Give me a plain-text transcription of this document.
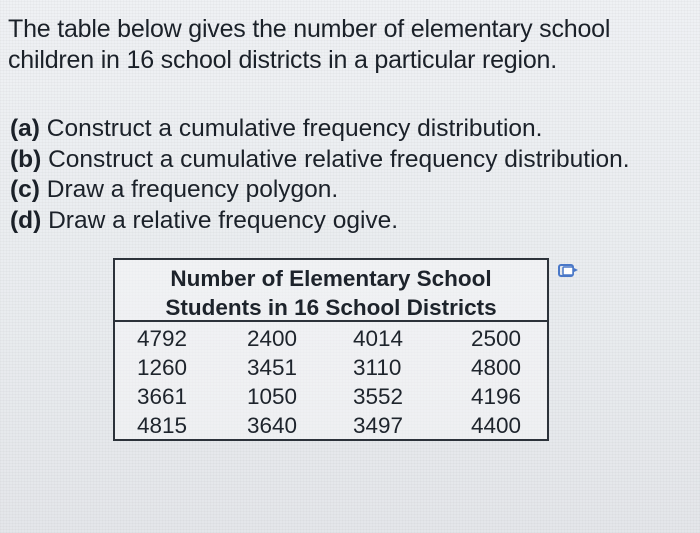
The table below gives the number of elementary school
children in 16 school districts in a particular region.
(a) Construct a cumulative frequency distribution.
(b) Construct a cumulative relative frequency distribution.
(c) Draw a frequency polygon.
(d) Draw a relative frequency ogive.
Number of Elementary School
Students in 16 School Districts
4792	2400	4014	2500
1260	3451	3110	4800
3661	1050	3552	4196
4815	3640	3497	4400
